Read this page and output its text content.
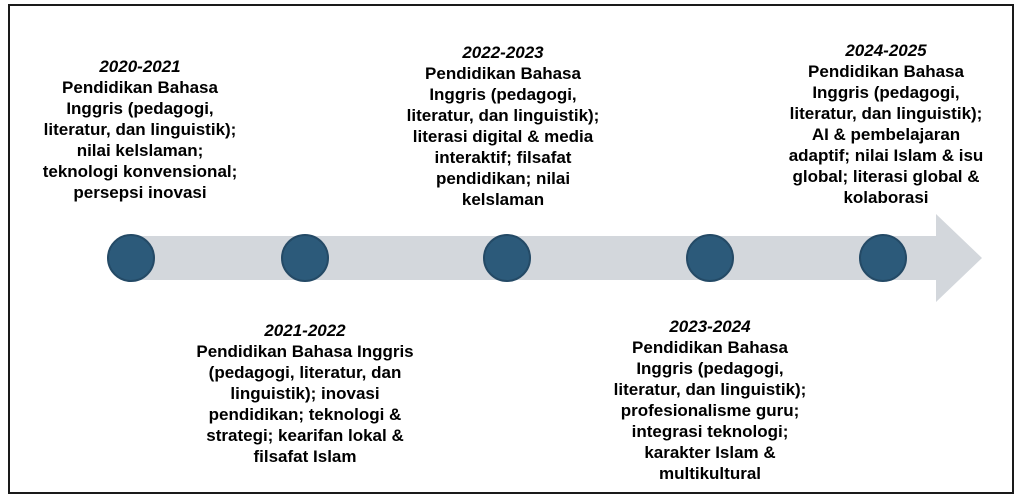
2020-2021
Pendidikan Bahasa
Inggris (pedagogi,
literatur, dan linguistik);
nilai kelslaman;
teknologi konvensional;
persepsi inovasi
2021-2022
Pendidikan Bahasa Inggris
(pedagogi, literatur, dan
linguistik); inovasi
pendidikan; teknologi &
strategi; kearifan lokal &
filsafat Islam
2022-2023
Pendidikan Bahasa
Inggris (pedagogi,
literatur, dan linguistik);
literasi digital & media
interaktif; filsafat
pendidikan; nilai
kelslaman
2023-2024
Pendidikan Bahasa
Inggris (pedagogi,
literatur, dan linguistik);
profesionalisme guru;
integrasi teknologi;
karakter Islam &
multikultural
2024-2025
Pendidikan Bahasa
Inggris (pedagogi,
literatur, dan linguistik);
AI & pembelajaran
adaptif; nilai Islam & isu
global; literasi global &
kolaborasi
